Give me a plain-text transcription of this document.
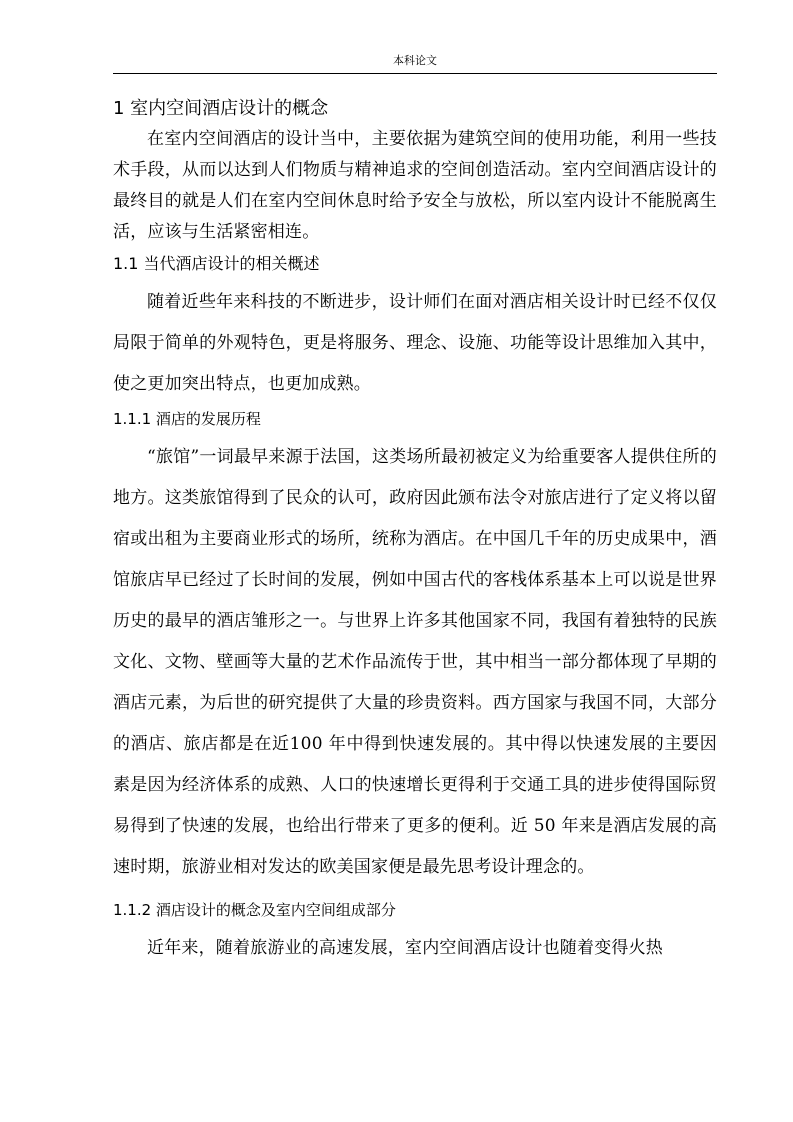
本科论文
1 室内空间酒店设计的概念

在室内空间酒店的设计当中，主要依据为建筑空间的使用功能，利用一些技术手段，从而以达到人们物质与精神追求的空间创造活动。室内空间酒店设计的最终目的就是人们在室内空间休息时给予安全与放松，所以室内设计不能脱离生活，应该与生活紧密相连。

1.1 当代酒店设计的相关概述

随着近些年来科技的不断进步，设计师们在面对酒店相关设计时已经不仅仅局限于简单的外观特色，更是将服务、理念、设施、功能等设计思维加入其中，使之更加突出特点，也更加成熟。

1.1.1 酒店的发展历程

“旅馆”一词最早来源于法国，这类场所最初被定义为给重要客人提供住所的地方。这类旅馆得到了民众的认可，政府因此颁布法令对旅店进行了定义将以留宿或出租为主要商业形式的场所，统称为酒店。在中国几千年的历史成果中，酒馆旅店早已经过了长时间的发展，例如中国古代的客栈体系基本上可以说是世界历史的最早的酒店雏形之一。与世界上许多其他国家不同，我国有着独特的民族文化、文物、壁画等大量的艺术作品流传于世，其中相当一部分都体现了早期的酒店元素，为后世的研究提供了大量的珍贵资料。西方国家与我国不同，大部分的酒店、旅店都是在近100 年中得到快速发展的。其中得以快速发展的主要因素是因为经济体系的成熟、人口的快速增长更得利于交通工具的进步使得国际贸易得到了快速的发展，也给出行带来了更多的便利。近 50 年来是酒店发展的高速时期，旅游业相对发达的欧美国家便是最先思考设计理念的。

1.1.2 酒店设计的概念及室内空间组成部分

近年来，随着旅游业的高速发展，室内空间酒店设计也随着变得火热
